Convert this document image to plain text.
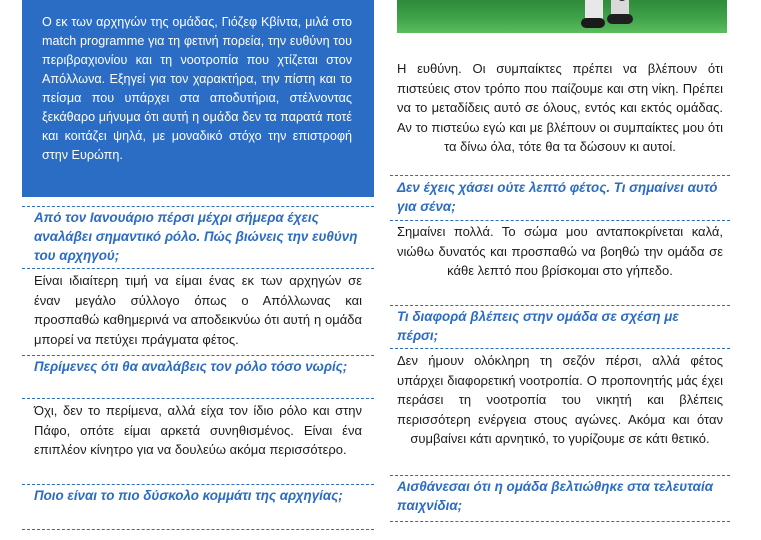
Ο εκ των αρχηγών της ομάδας, Γιόζεφ Κβίντα, μιλά στο match programme για τη φετινή πορεία, την ευθύνη του περιβραχιονίου και τη νοοτροπία που χτίζεται στον Απόλλωνα. Εξηγεί για τον χαρακτήρα, την πίστη και το πείσμα που υπάρχει στα αποδυτήρια, στέλνοντας ξεκάθαρο μήνυμα ότι αυτή η ομάδα δεν τα παρατά ποτέ και κοιτάζει ψηλά, με μοναδικό στόχο την επιστροφή στην Ευρώπη.

Από τον Ιανουάριο πέρσι μέχρι σήμερα έχεις αναλάβει σημαντικό ρόλο. Πώς βιώνεις την ευθύνη του αρχηγού;
Είναι ιδιαίτερη τιμή να είμαι ένας εκ των αρχηγών σε έναν μεγάλο σύλλογο όπως ο Απόλλωνας και προσπαθώ καθημερινά να αποδεικνύω ότι αυτή η ομάδα μπορεί να πετύχει πράγματα φέτος.
Περίμενες ότι θα αναλάβεις τον ρόλο τόσο νωρίς;
Όχι, δεν το περίμενα, αλλά είχα τον ίδιο ρόλο και στην Πάφο, οπότε είμαι αρκετά συνηθισμένος. Είναι ένα επιπλέον κίνητρο για να δουλεύω ακόμα περισσότερο.
Ποιο είναι το πιο δύσκολο κομμάτι της αρχηγίας;
Η ευθύνη. Οι συμπαίκτες πρέπει να βλέπουν ότι πιστεύεις στον τρόπο που παίζουμε και στη νίκη. Πρέπει να το μεταδίδεις αυτό σε όλους, εντός και εκτός ομάδας. Αν το πιστεύω εγώ και με βλέπουν οι συμπαίκτες μου ότι τα δίνω όλα, τότε θα τα δώσουν κι αυτοί.
Δεν έχεις χάσει ούτε λεπτό φέτος. Τι σημαίνει αυτό για σένα;
Σημαίνει πολλά. Το σώμα μου ανταποκρίνεται καλά, νιώθω δυνατός και προσπαθώ να βοηθώ την ομάδα σε κάθε λεπτό που βρίσκομαι στο γήπεδο.
Τι διαφορά βλέπεις στην ομάδα σε σχέση με πέρσι;
Δεν ήμουν ολόκληρη τη σεζόν πέρσι, αλλά φέτος υπάρχει διαφορετική νοοτροπία. Ο προπονητής μάς έχει περάσει τη νοοτροπία του νικητή και βλέπεις περισσότερη ενέργεια στους αγώνες. Ακόμα και όταν συμβαίνει κάτι αρνητικό, το γυρίζουμε σε κάτι θετικό.
Αισθάνεσαι ότι η ομάδα βελτιώθηκε στα τελευταία παιχνίδια;
